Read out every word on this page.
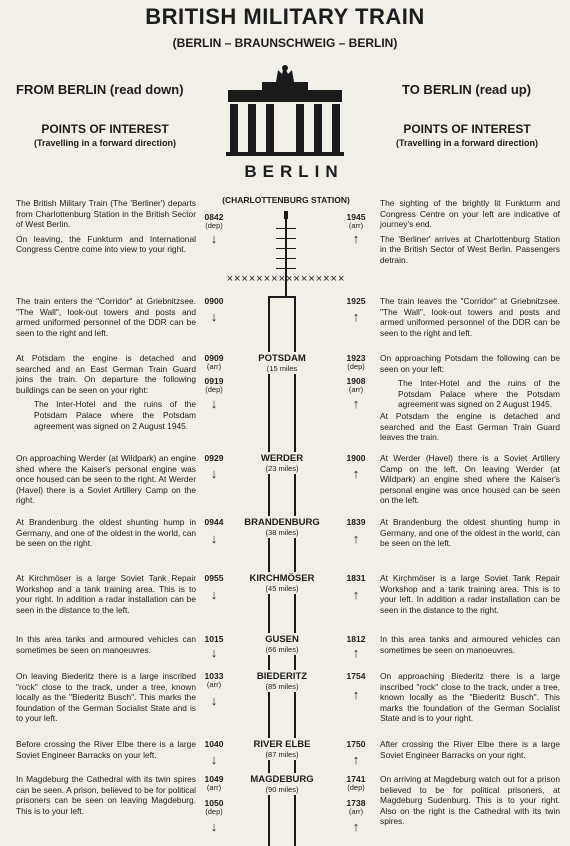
BRITISH MILITARY TRAIN
(BERLIN – BRAUNSCHWEIG – BERLIN)
FROM BERLIN (read down)	TO BERLIN (read up)
POINTS OF INTEREST
(Travelling in a forward direction)
POINTS OF INTEREST
(Travelling in a forward direction)
BERLIN
(CHARLOTTENBURG STATION)
××××××××××××××××
POTSDAM
(15 miles
WERDER
(23 miles)
BRANDENBURG
(38 miles)
KIRCHMÖSER
(45 miles)
GUSEN
(66 miles)
BIEDERITZ
(85 miles)
RIVER ELBE
(87 miles)
MAGDEBURG
(90 miles)
0842
(dep)
↓
0900
↓
0909
(arr)
0919
(dep)
↓
0929
↓
0944
↓
0955
↓
1015
↓
1033
(arr)
↓
1040
↓
1049
(arr)
1050
(dep)
↓
1945
(arr)
↑
1925
↑
1923
(dep)
1908
(arr)
↑
1900
↑
1839
↑
1831
↑
1812
↑
1754
↑
1750
↑
1741
(dep)
1738
(arr)
↑

The British Military Train (The 'Berliner') departs from Charlottenburg Station in the British Sector of West Berlin.

On leaving, the Funkturm and International Congress Centre come into view to your right.

The train enters the "Corridor" at Griebnitzsee. "The Wall", look-out towers and posts and armed uniformed personnel of the DDR can be seen to the right and left.

At Potsdam the engine is detached and searched and an East German Train Guard joins the train. On departure the following buildings can be seen on your right:

The Inter-Hotel and the ruins of the Potsdam Palace where the Potsdam agreement was signed on 2 August 1945.

On approaching Werder (at Wildpark) an engine shed where the Kaiser's personal engine was once housed can be seen to the right. At Werder (Havel) there is a Soviet Artillery Camp on the right.
At Brandenburg the oldest shunting hump in Germany, and one of the oldest in the world, can be seen on the right.
At Kirchmöser is a large Soviet Tank Repair Workshop and a tank training area. This is to your right. In addition a radar installation can be seen in the distance to the left.
In this area tanks and armoured vehicles can sometimes be seen on manoeuvres.
On leaving Biederitz there is a large inscribed "rock" close to the track, under a tree, known locally as the "Biederitz Busch". This marks the foundation of the German Socialist State and is to your left.
Before crossing the River Elbe there is a large Soviet Engineer Barracks on your left.
In Magdeburg the Cathedral with its twin spires can be seen. A prison, believed to be for political prisoners can be seen on leaving Magdeburg. This is to your left.

The sighting of the brightly lit Funkturm and Congress Centre on your left are indicative of journey's end.

The 'Berliner' arrives at Charlottenburg Station in the British Sector of West Berlin. Passengers detrain.

The train leaves the "Corridor" at Griebnitzsee. "The Wall", look-out towers and posts and armed uniformed personnel of the DDR can be seen to the right and left.

On approaching Potsdam the following can be seen on your left:

The Inter-Hotel and the ruins of the Potsdam Palace where the Potsdam agreement was signed on 2 August 1945.

At Potsdam the engine is detached and searched and the East German Train Guard leaves the train.

At Werder (Havel) there is a Soviet Artillery Camp on the left. On leaving Werder (at Wildpark) an engine shed where the Kaiser's personal engine was once housed can be seen on the left.
At Brandenburg the oldest shunting hump in Germany, and one of the oldest in the world, can be seen on the left.
At Kirchmöser is a large Soviet Tank Repair Workshop and a tank training area. This is to your left. In addition a radar installation can be seen in the distance to the right.
In this area tanks and armoured vehicles can sometimes be seen on manoeuvres.
On approaching Biederitz there is a large inscribed "rock" close to the track, under a tree, known locally as the "Biederitz Busch". This marks the foundation of the German Socialist State and is to your right.
After crossing the River Elbe there is a large Soviet Engineer Barracks on your right.
On arriving at Magdeburg watch out for a prison believed to be for political prisoners, at Magdeburg Sudenburg. This is to your right. Also on the right is the Cathedral with its twin spires.
